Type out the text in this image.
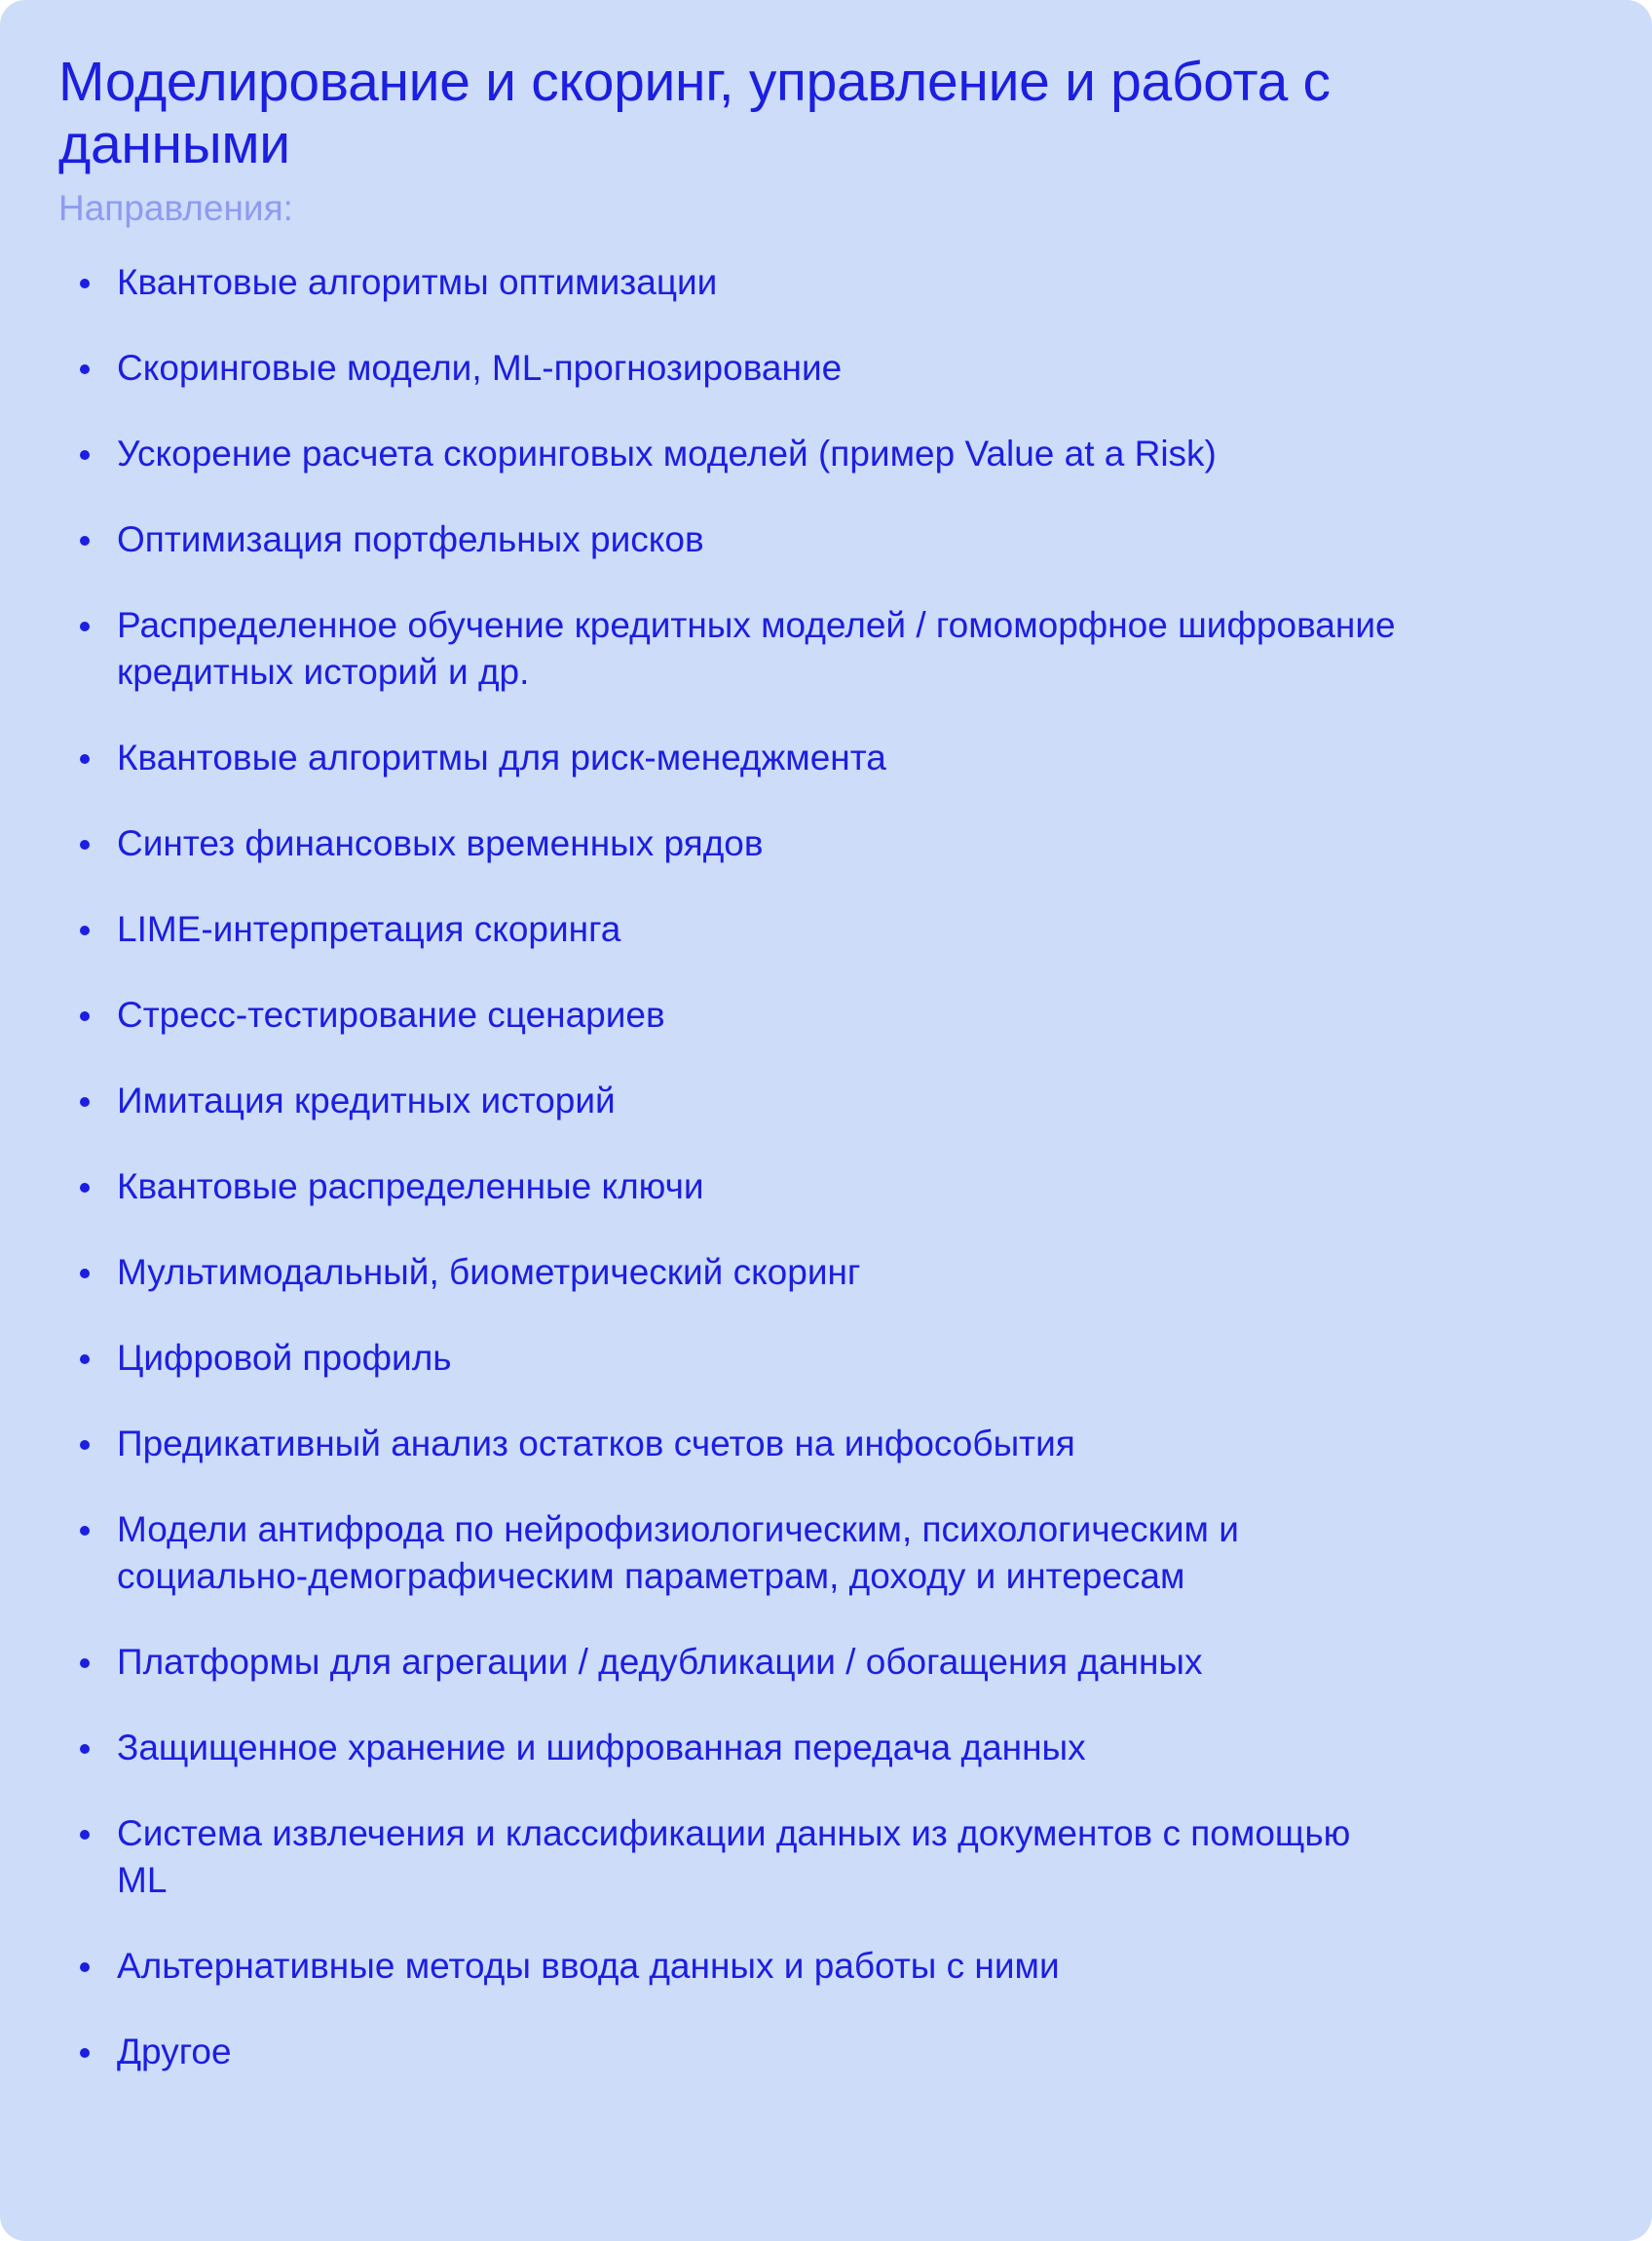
Моделирование и скоринг, управление и работа с данными
Направления:
Квантовые алгоритмы оптимизации
Скоринговые модели, ML-прогнозирование
Ускорение расчета скоринговых моделей (пример Value at a Risk)
Оптимизация портфельных рисков
Распределенное обучение кредитных моделей / гомоморфное шифрование кредитных историй и др.
Квантовые алгоритмы для риск-менеджмента
Синтез финансовых временных рядов
LIME-интерпретация скоринга
Стресс-тестирование сценариев
Имитация кредитных историй
Квантовые распределенные ключи
Мультимодальный, биометрический скоринг
Цифровой профиль
Предикативный анализ остатков счетов на инфособытия
Модели антифрода по нейрофизиологическим, психологическим и социально-демографическим параметрам, доходу и интересам
Платформы для агрегации / дедубликации / обогащения данных
Защищенное хранение и шифрованная передача данных
Система извлечения и классификации данных из документов с помощью ML
Альтернативные методы ввода данных и работы с ними
Другое
